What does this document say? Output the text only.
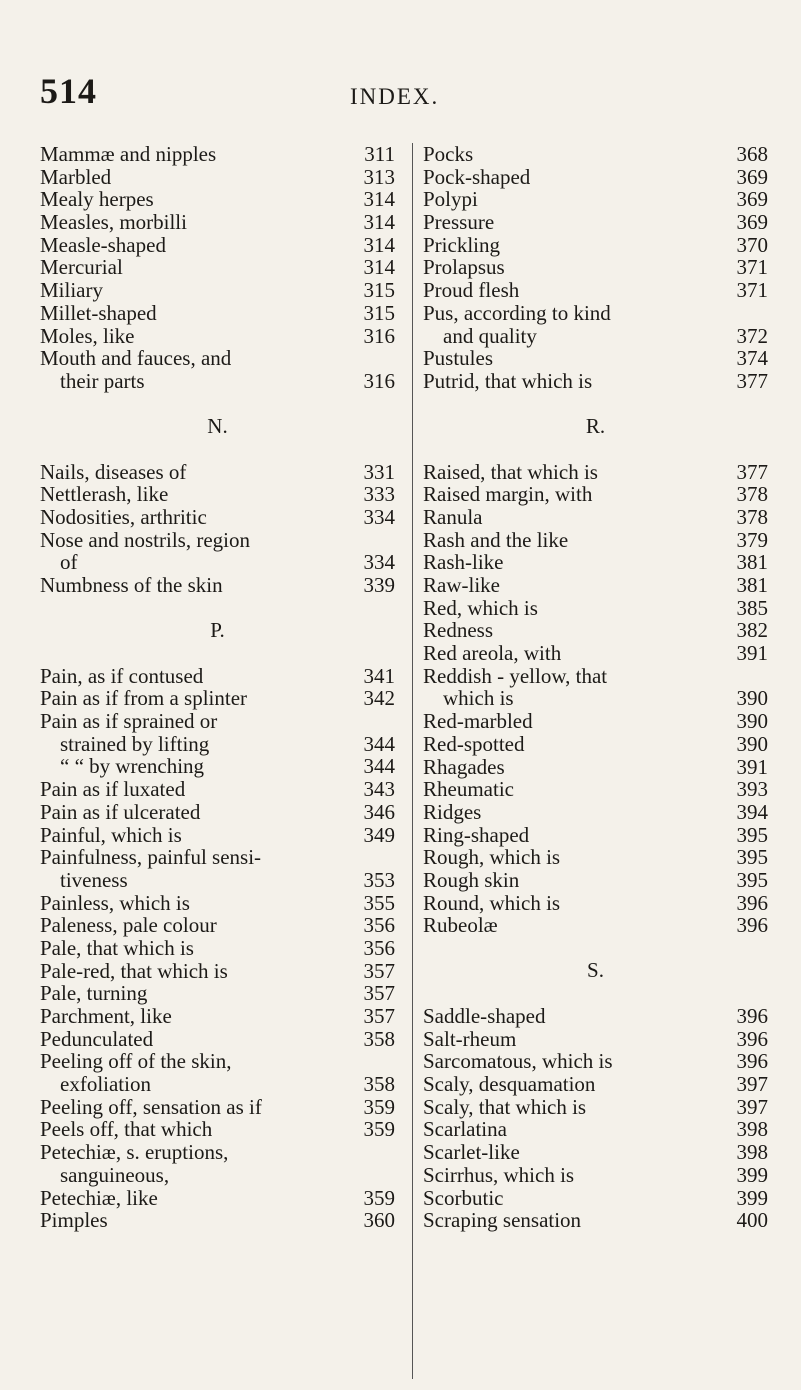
514	INDEX.
Mammæ and nipples	311
Marbled	313
Mealy herpes	314
Measles, morbilli	314
Measle-shaped	314
Mercurial	314
Miliary	315
Millet-shaped	315
Moles, like	316
Mouth and fauces, and
their parts	316
N.
Nails, diseases of	331
Nettlerash, like	333
Nodosities, arthritic	334
Nose and nostrils, region
of	334
Numbness of the skin	339
P.
Pain, as if contused	341
Pain as if from a splinter	342
Pain as if sprained or
strained by lifting	344
“ “ by wrenching	344
Pain as if luxated	343
Pain as if ulcerated	346
Painful, which is	349
Painfulness, painful sensi-
tiveness	353
Painless, which is	355
Paleness, pale colour	356
Pale, that which is	356
Pale-red, that which is	357
Pale, turning	357
Parchment, like	357
Pedunculated	358
Peeling off of the skin,
exfoliation	358
Peeling off, sensation as if	359
Peels off, that which	359
Petechiæ, s. eruptions,
sanguineous,
Petechiæ, like	359
Pimples	360
Pocks	368
Pock-shaped	369
Polypi	369
Pressure	369
Prickling	370
Prolapsus	371
Proud flesh	371
Pus, according to kind
and quality	372
Pustules	374
Putrid, that which is	377
R.
Raised, that which is	377
Raised margin, with	378
Ranula	378
Rash and the like	379
Rash-like	381
Raw-like	381
Red, which is	385
Redness	382
Red areola, with	391
Reddish - yellow, that
which is	390
Red-marbled	390
Red-spotted	390
Rhagades	391
Rheumatic	393
Ridges	394
Ring-shaped	395
Rough, which is	395
Rough skin	395
Round, which is	396
Rubeolæ	396
S.
Saddle-shaped	396
Salt-rheum	396
Sarcomatous, which is	396
Scaly, desquamation	397
Scaly, that which is	397
Scarlatina	398
Scarlet-like	398
Scirrhus, which is	399
Scorbutic	399
Scraping sensation	400
